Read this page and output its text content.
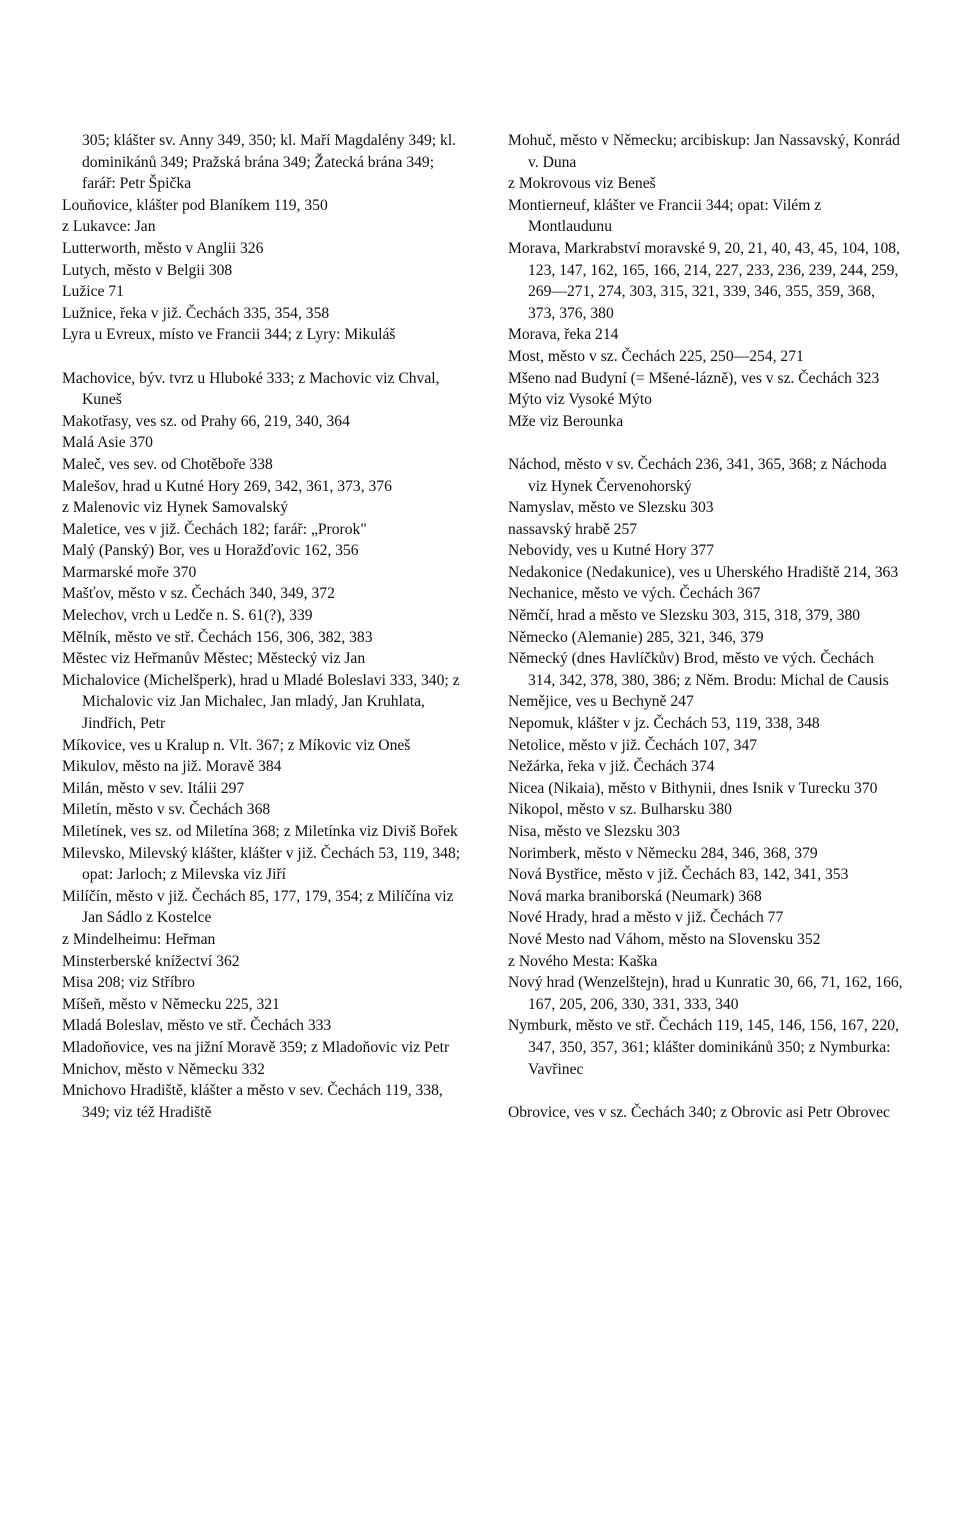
305; klášter sv. Anny 349, 350; kl. Maří Magdalény 349; kl. dominikánů 349; Pražská brána 349; Žatecká brána 349; farář: Petr Špička

Louňovice, klášter pod Blaníkem 119, 350

z Lukavce: Jan

Lutterworth, město v Anglii 326

Lutych, město v Belgii 308

Lužice 71

Lužnice, řeka v již. Čechách 335, 354, 358

Lyra u Evreux, místo ve Francii 344; z Lyry: Mikuláš

Machovice, býv. tvrz u Hluboké 333; z Machovic viz Chval, Kuneš

Makotřasy, ves sz. od Prahy 66, 219, 340, 364

Malá Asie 370

Maleč, ves sev. od Chotěboře 338

Malešov, hrad u Kutné Hory 269, 342, 361, 373, 376

z Malenovic viz Hynek Samovalský

Maletice, ves v již. Čechách 182; farář: „Prorok"

Malý (Panský) Bor, ves u Horažďovic 162, 356

Marmarské moře 370

Mašťov, město v sz. Čechách 340, 349, 372

Melechov, vrch u Ledče n. S. 61(?), 339

Mělník, město ve stř. Čechách 156, 306, 382, 383

Městec viz Heřmanův Městec; Městecký viz Jan

Michalovice (Michelšperk), hrad u Mladé Boleslavi 333, 340; z Michalovic viz Jan Michalec, Jan mladý, Jan Kruhlata, Jindřich, Petr

Míkovice, ves u Kralup n. Vlt. 367; z Míkovic viz Oneš

Mikulov, město na již. Moravě 384

Milán, město v sev. Itálii 297

Miletín, město v sv. Čechách 368

Miletínek, ves sz. od Miletína 368; z Miletínka viz Diviš Bořek

Milevsko, Milevský klášter, klášter v již. Čechách 53, 119, 348; opat: Jarloch; z Milevska viz Jiří

Milíčín, město v již. Čechách 85, 177, 179, 354; z Milíčína viz Jan Sádlo z Kostelce

z Mindelheimu: Heřman

Minsterberské knížectví 362

Misa 208; viz Stříbro

Míšeň, město v Německu 225, 321

Mladá Boleslav, město ve stř. Čechách 333

Mladoňovice, ves na jižní Moravě 359; z Mladoňovic viz Petr

Mnichov, město v Německu 332

Mnichovo Hradiště, klášter a město v sev. Čechách 119, 338, 349; viz též Hradiště

Mohuč, město v Německu; arcibiskup: Jan Nassavský, Konrád v. Duna

z Mokrovous viz Beneš

Montierneuf, klášter ve Francii 344; opat: Vilém z Montlaudunu

Morava, Markrabství moravské 9, 20, 21, 40, 43, 45, 104, 108, 123, 147, 162, 165, 166, 214, 227, 233, 236, 239, 244, 259, 269—271, 274, 303, 315, 321, 339, 346, 355, 359, 368, 373, 376, 380

Morava, řeka 214

Most, město v sz. Čechách 225, 250—254, 271

Mšeno nad Budyní (= Mšené-lázně), ves v sz. Čechách 323

Mýto viz Vysoké Mýto

Mže viz Berounka

Náchod, město v sv. Čechách 236, 341, 365, 368; z Náchoda viz Hynek Červenohorský

Namyslav, město ve Slezsku 303

nassavský hrabě 257

Nebovidy, ves u Kutné Hory 377

Nedakonice (Nedakunice), ves u Uherského Hradiště 214, 363

Nechanice, město ve vých. Čechách 367

Němčí, hrad a město ve Slezsku 303, 315, 318, 379, 380

Německo (Alemanie) 285, 321, 346, 379

Německý (dnes Havlíčkův) Brod, město ve vých. Čechách 314, 342, 378, 380, 386; z Něm. Brodu: Michal de Causis

Nemějice, ves u Bechyně 247

Nepomuk, klášter v jz. Čechách 53, 119, 338, 348

Netolice, město v již. Čechách 107, 347

Nežárka, řeka v již. Čechách 374

Nicea (Nikaia), město v Bithynii, dnes Isnik v Turecku 370

Nikopol, město v sz. Bulharsku 380

Nisa, město ve Slezsku 303

Norimberk, město v Německu 284, 346, 368, 379

Nová Bystřice, město v již. Čechách 83, 142, 341, 353

Nová marka braniborská (Neumark) 368

Nové Hrady, hrad a město v již. Čechách 77

Nové Mesto nad Váhom, město na Slovensku 352

z Nového Mesta: Kaška

Nový hrad (Wenzelštejn), hrad u Kunratic 30, 66, 71, 162, 166, 167, 205, 206, 330, 331, 333, 340

Nymburk, město ve stř. Čechách 119, 145, 146, 156, 167, 220, 347, 350, 357, 361; klášter dominikánů 350; z Nymburka: Vavřinec

Obrovice, ves v sz. Čechách 340; z Obrovic asi Petr Obrovec
